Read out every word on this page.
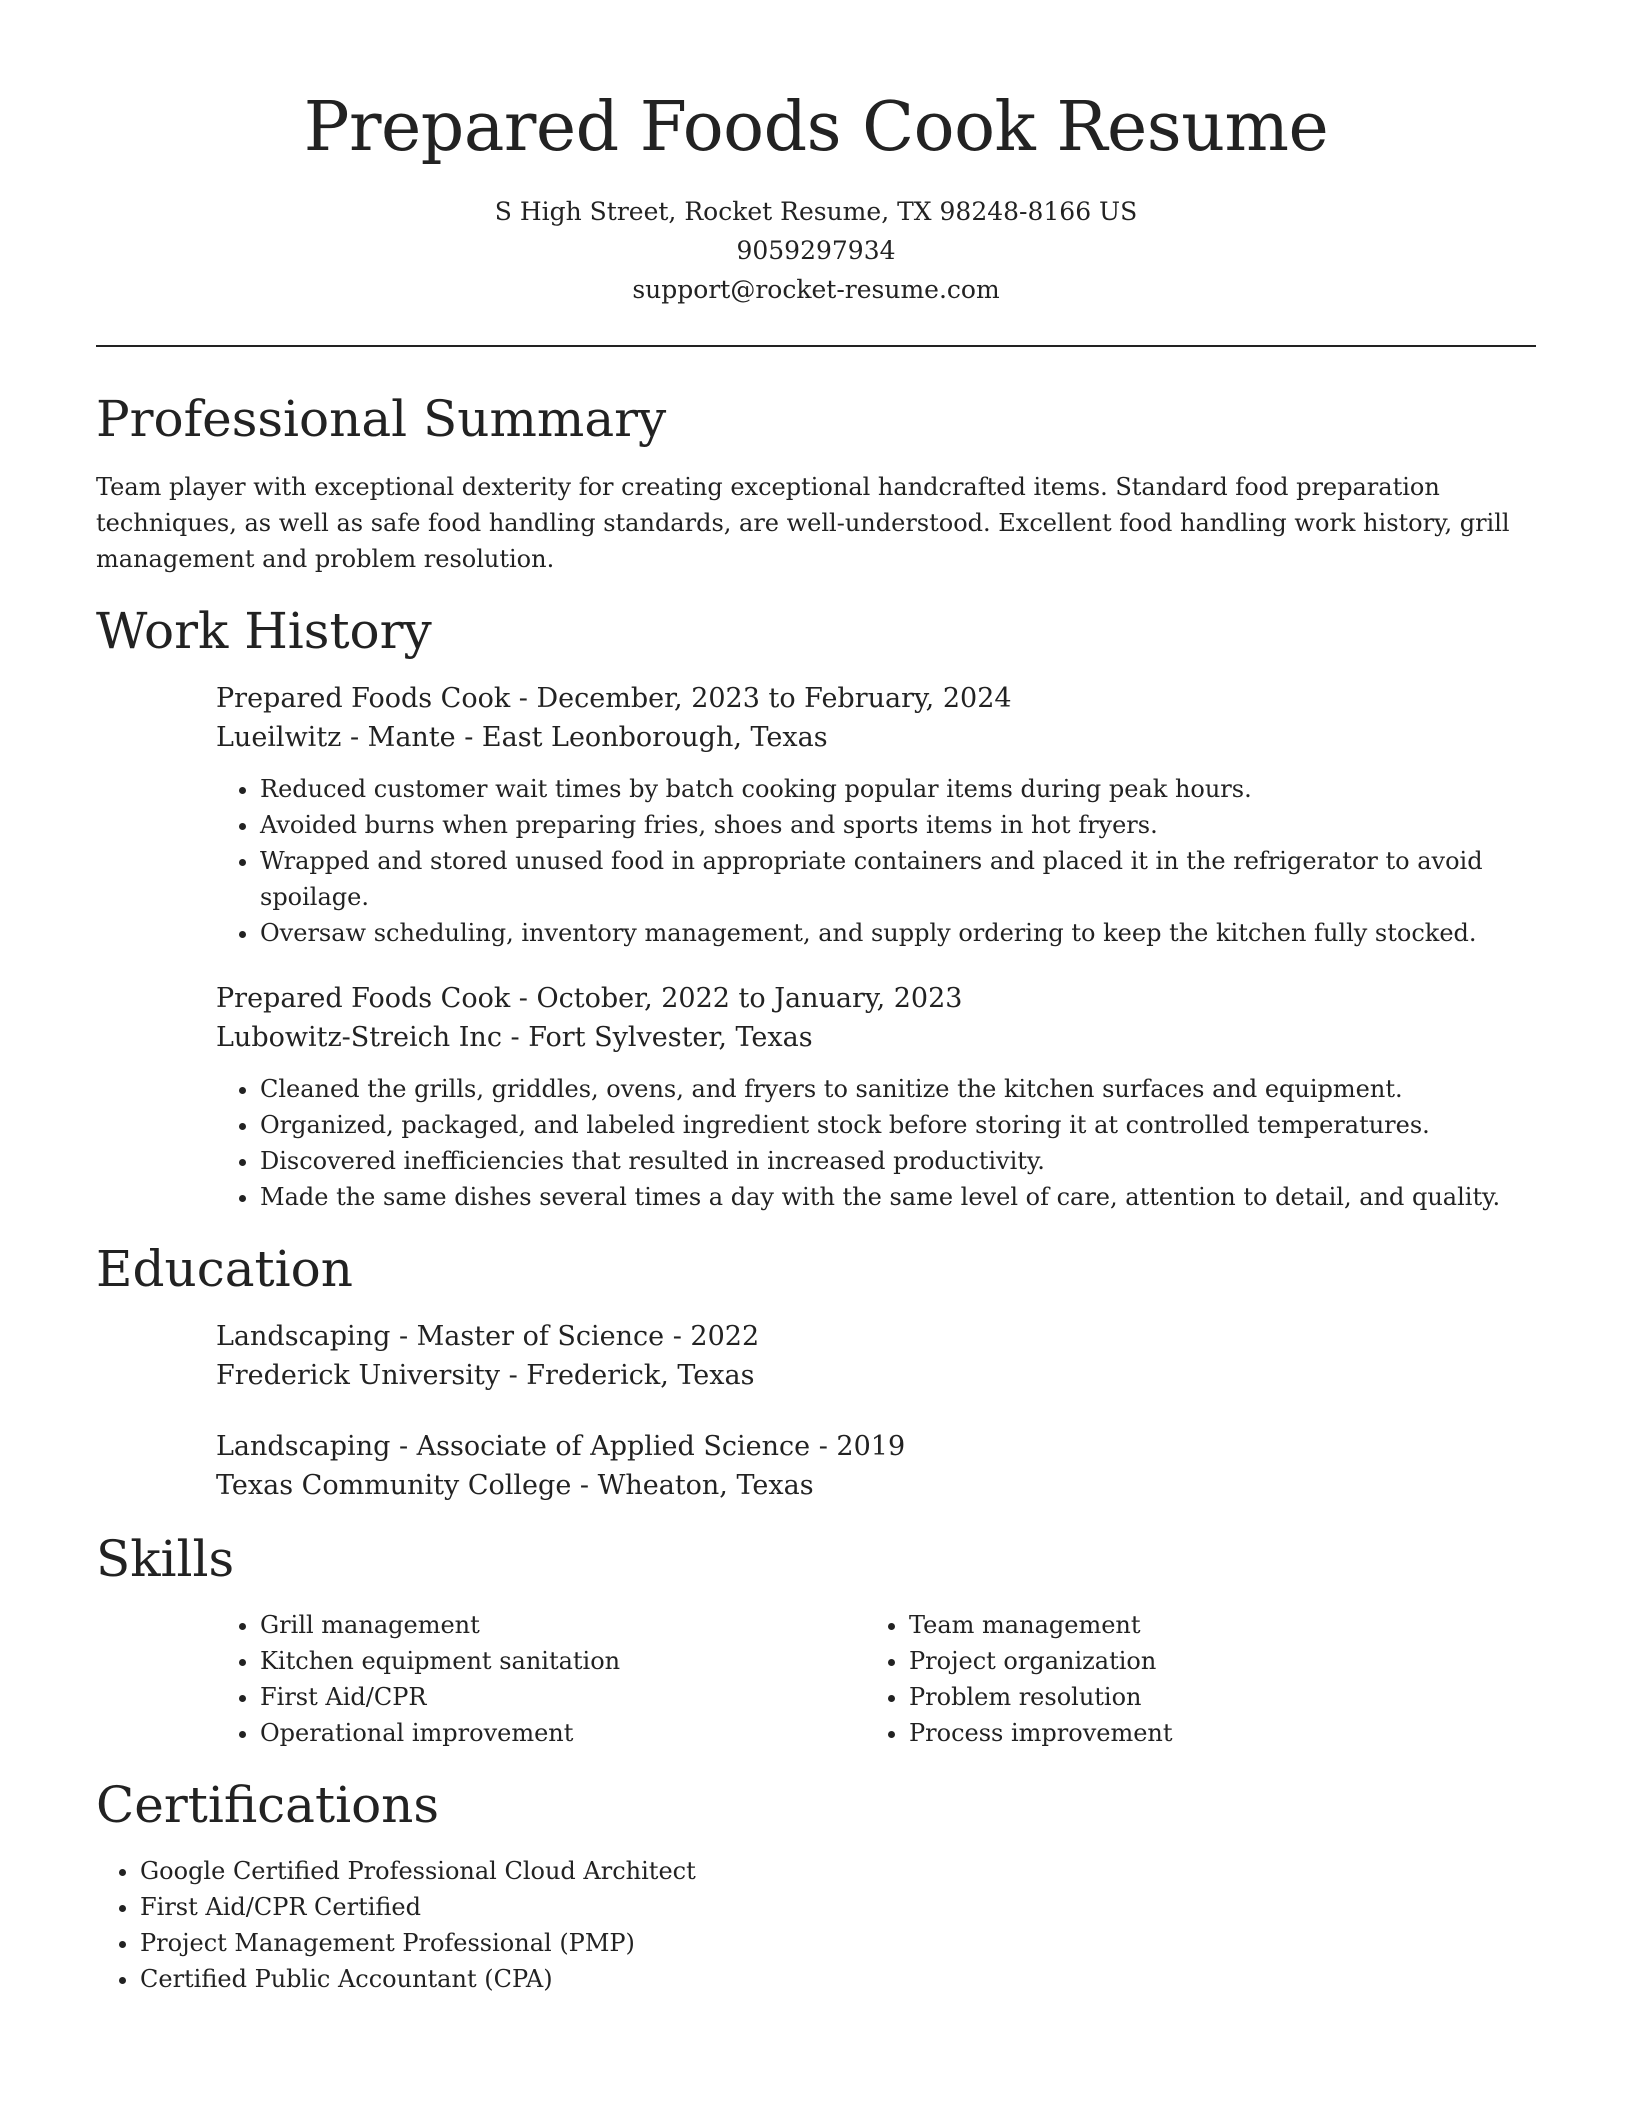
Prepared Foods Cook Resume
S High Street, Rocket Resume, TX 98248-8166 US
9059297934
support@rocket-resume.com
Professional Summary

Team player with exceptional dexterity for creating exceptional handcrafted items. Standard food preparation techniques, as well as safe food handling standards, are well-understood. Excellent food handling work history, grill management and problem resolution.

Work History
Prepared Foods Cook - December, 2023 to February, 2024
Lueilwitz - Mante - East Leonborough, Texas
• Reduced customer wait times by batch cooking popular items during peak hours.
• Avoided burns when preparing fries, shoes and sports items in hot fryers.
• Wrapped and stored unused food in appropriate containers and placed it in the refrigerator to avoid spoilage.
• Oversaw scheduling, inventory management, and supply ordering to keep the kitchen fully stocked.
Prepared Foods Cook - October, 2022 to January, 2023
Lubowitz-Streich Inc - Fort Sylvester, Texas
• Cleaned the grills, griddles, ovens, and fryers to sanitize the kitchen surfaces and equipment.
• Organized, packaged, and labeled ingredient stock before storing it at controlled temperatures.
• Discovered inefficiencies that resulted in increased productivity.
• Made the same dishes several times a day with the same level of care, attention to detail, and quality.
Education
Landscaping - Master of Science - 2022
Frederick University - Frederick, Texas
Landscaping - Associate of Applied Science - 2019
Texas Community College - Wheaton, Texas
Skills
• Grill management
• Kitchen equipment sanitation
• First Aid/CPR
• Operational improvement
• Team management
• Project organization
• Problem resolution
• Process improvement
Certifications
• Google Certified Professional Cloud Architect
• First Aid/CPR Certified
• Project Management Professional (PMP)
• Certified Public Accountant (CPA)
